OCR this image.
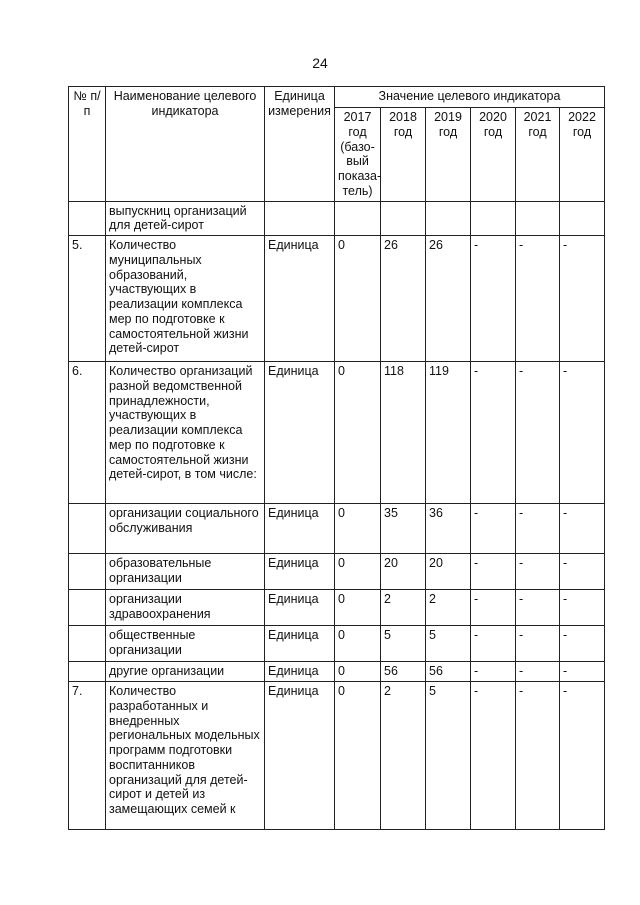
24
№ п/п	Наименование целевого индикатора	Единица измерения	Значение целевого индикатора					
			2017 год (базо-вый показа-тель)	2018 год	2019 год	2020 год	2021 год	2022 год
	выпускниц организаций для детей-сирот							
5.	Количество муниципальных образований, участвующих в реализации комплекса мер по подготовке к самостоятельной жизни детей-сирот	Единица	0	26	26	-	-	-
6.	Количество организаций разной ведомственной принадлежности, участвующих в реализации комплекса мер по подготовке к самостоятельной жизни детей-сирот, в том числе:	Единица	0	118	119	-	-	-
	организации социального обслуживания	Единица	0	35	36	-	-	-
	образовательные организации	Единица	0	20	20	-	-	-
	организации здравоохранения	Единица	0	2	2	-	-	-
	общественные организации	Единица	0	5	5	-	-	-
	другие организации	Единица	0	56	56	-	-	-
7.	Количество разработанных и внедренных региональных модельных программ подготовки воспитанников организаций для детей-сирот и детей из замещающих семей к	Единица	0	2	5	-	-	-
